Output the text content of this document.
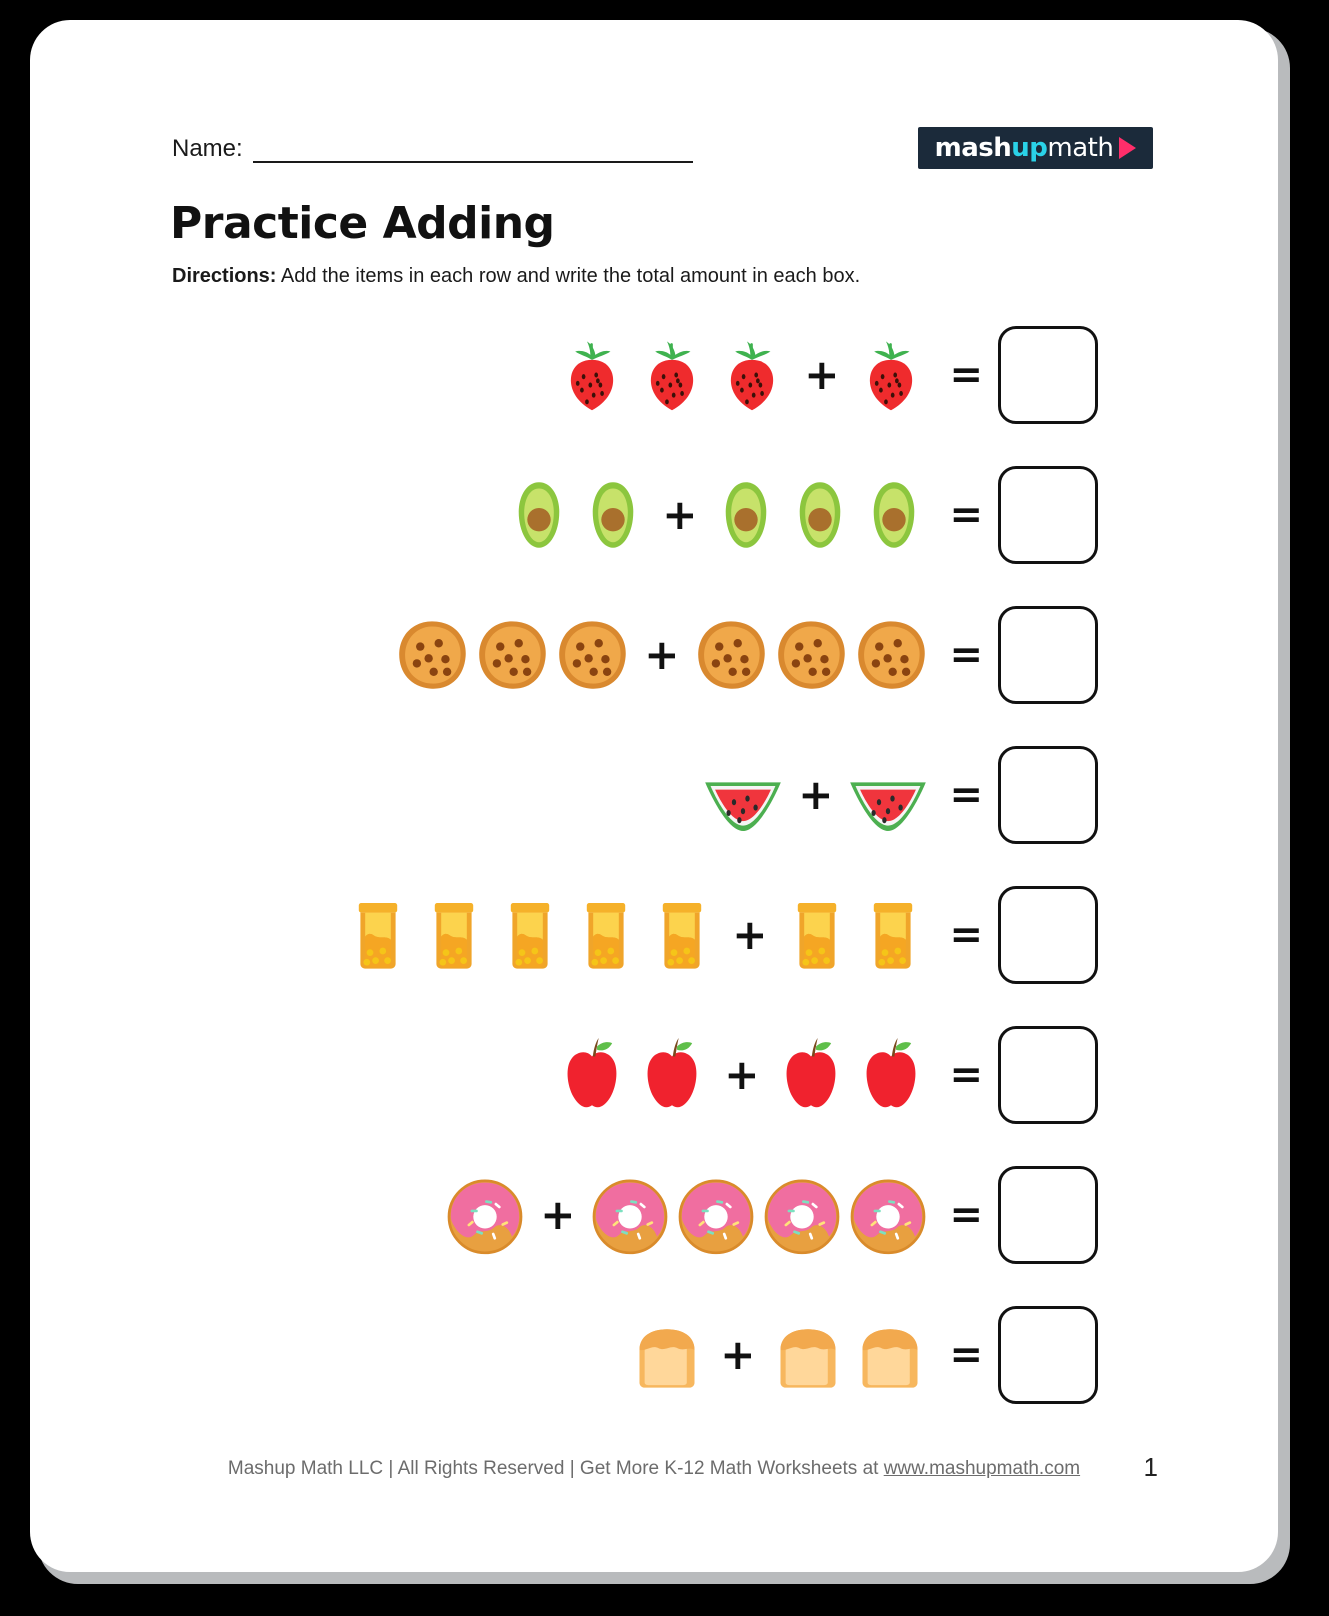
Name:	mash up math
Practice Adding
Directions: Add the items in each row and write the total amount in each box.
+	=
+	=
+	=
+	=
+	=
+	=
+	=
+	=
Mashup Math LLC | All Rights Reserved | Get More K-12 Math Worksheets at www.mashupmath.com	1
